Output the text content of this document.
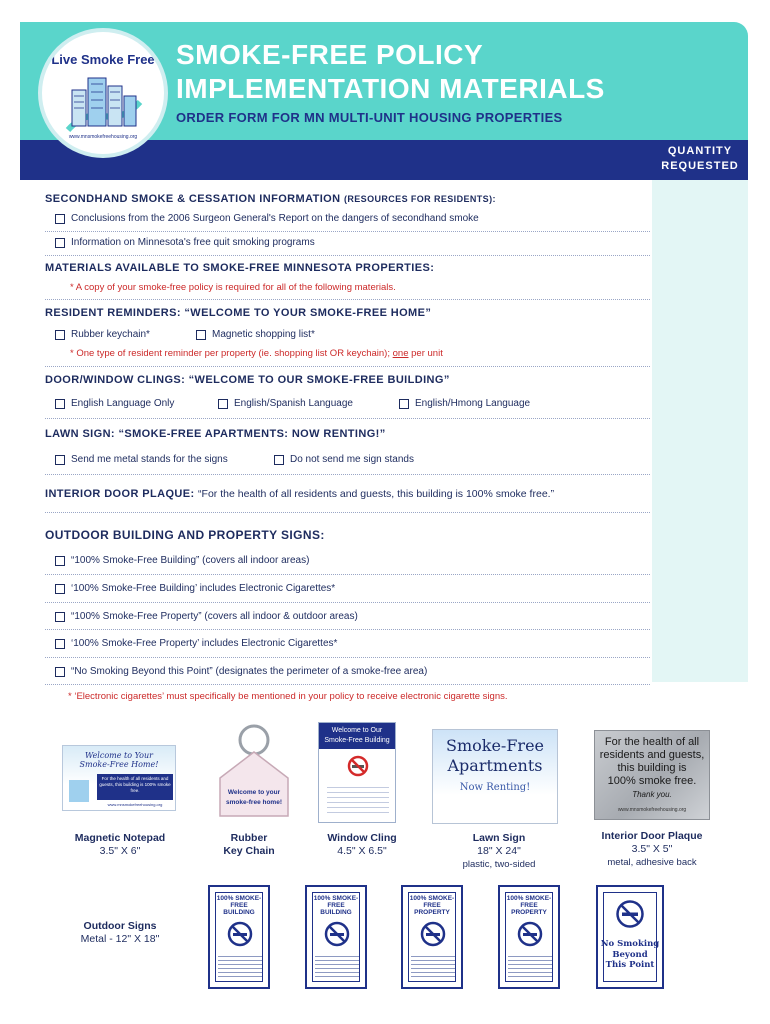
Live Smoke Free
www.mnsmokefreehousing.org
SMOKE-FREE POLICY IMPLEMENTATION MATERIALS
ORDER FORM FOR MN MULTI-UNIT HOUSING PROPERTIES
QUANTITY
REQUESTED
SECONDHAND SMOKE & CESSATION INFORMATION (RESOURCES FOR RESIDENTS):
Conclusions from the 2006 Surgeon General's Report on the dangers of secondhand smoke
Information on Minnesota's free quit smoking programs
MATERIALS AVAILABLE TO SMOKE-FREE MINNESOTA PROPERTIES:
* A copy of your smoke-free policy is required for all of the following materials.
RESIDENT REMINDERS: “WELCOME TO YOUR SMOKE-FREE HOME”
Rubber keychain*	Magnetic shopping list*
* One type of resident reminder per property (ie. shopping list OR keychain); one per unit
DOOR/WINDOW CLINGS: “WELCOME TO OUR SMOKE-FREE BUILDING”
English Language Only	English/Spanish Language	English/Hmong Language
LAWN SIGN: “SMOKE-FREE APARTMENTS: NOW RENTING!”
Send me metal stands for the signs	Do not send me sign stands
INTERIOR DOOR PLAQUE: “For the health of all residents and guests, this building is 100% smoke free.”
OUTDOOR BUILDING AND PROPERTY SIGNS:
“100% Smoke-Free Building” (covers all indoor areas)
‘100% Smoke-Free Building’ includes Electronic Cigarettes*
“100% Smoke-Free Property” (covers all indoor & outdoor areas)
‘100% Smoke-Free Property’ includes Electronic Cigarettes*
“No Smoking Beyond this Point” (designates the perimeter of a smoke-free area)
* ‘Electronic cigarettes’ must specifically be mentioned in your policy to receive electronic cigarette signs.
Welcome to Your Smoke-Free Home!
For the health of all residents and guests, this building is 100% smoke free.
www.mnsmokefreehousing.org
Magnetic Notepad
3.5" X 6"
Welcome to your
smoke-free home!
Rubber
Key Chain
Welcome to Our
Smoke-Free Building
Window Cling
4.5" X 6.5"
Smoke-Free
Apartments
Now Renting!
Lawn Sign
18" X 24"
plastic, two-sided
For the health of all
residents and guests,
this building is
100% smoke free.
Thank you.
www.mnsmokefreehousing.org
Interior Door Plaque
3.5" X 5"
metal, adhesive back
Outdoor Signs
Metal - 12" X 18"
100% SMOKE-FREE BUILDING
100% SMOKE-FREE BUILDING
100% SMOKE-FREE PROPERTY
100% SMOKE-FREE PROPERTY
No Smoking
Beyond
This Point
